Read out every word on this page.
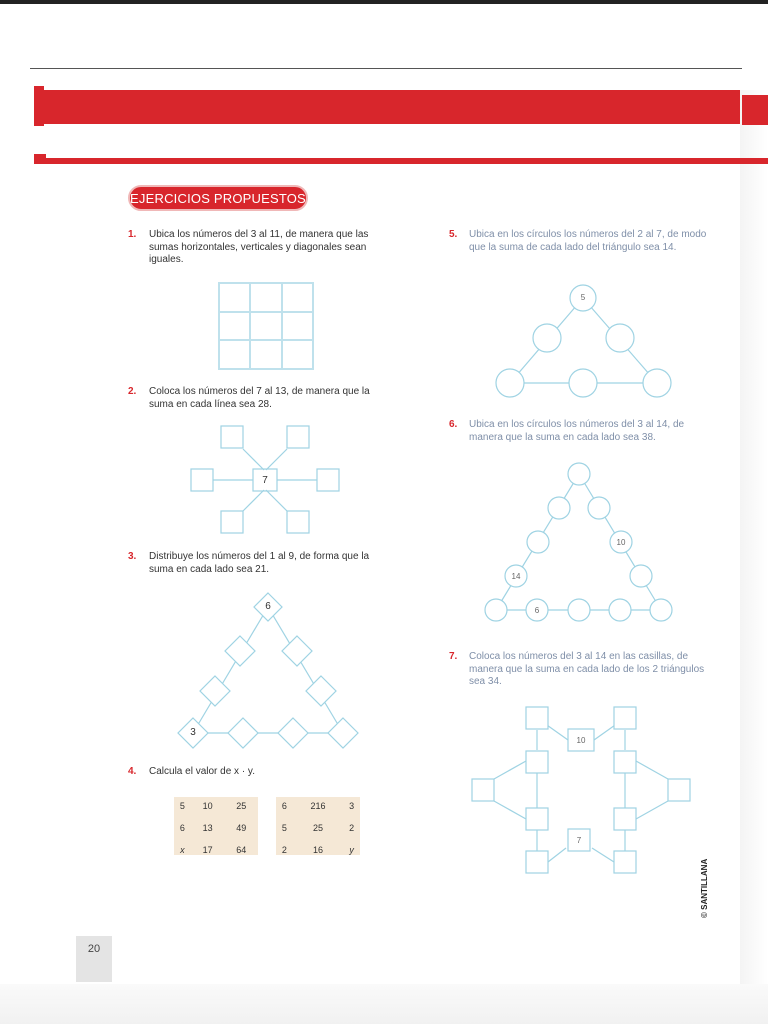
EJERCICIOS PROPUESTOS
1. Ubica los números del 3 al 11, de manera que las sumas horizontales, verticales y diagonales sean iguales.
2. Coloca los números del 7 al 13, de manera que la suma en cada línea sea 28.
7
3. Distribuye los números del 1 al 9, de forma que la suma en cada lado sea 21.
6
3
4. Calcula el valor de x · y.
5	10	25
6	13	49
x	17	64
6	216	3
5	25	2
2	16	y
5. Ubica en los círculos los números del 2 al 7, de modo que la suma de cada lado del triángulo sea 14.
5
6. Ubica en los círculos los números del 3 al 14, de manera que la suma en cada lado sea 38.
10
14
6
7. Coloca los números del 3 al 14 en las casillas, de manera que la suma en cada lado de los 2 triángulos sea 34.
10
7
© SANTILLANA
20
